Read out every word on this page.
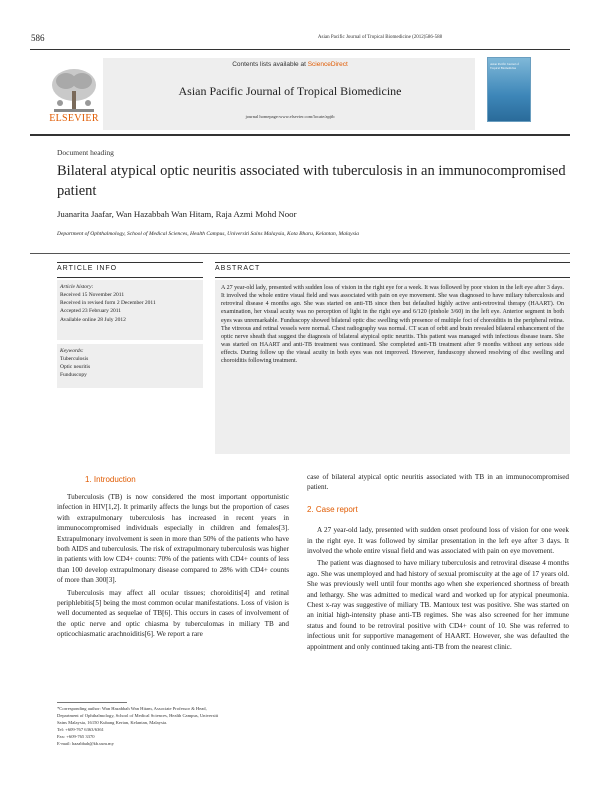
586	Asian Pacific Journal of Tropical Biomedicine (2012)586-588
ELSEVIER
Contents lists available at ScienceDirect
Asian Pacific Journal of Tropical Biomedicine
journal homepage:www.elsevier.com/locate/apjtb
Asian Pacific Journal of Tropical Biomedicine
Document heading
Bilateral atypical optic neuritis associated with tuberculosis in an immunocompromised patient
Juanarita Jaafar, Wan Hazabbah Wan Hitam, Raja Azmi Mohd Noor
Department of Ophthalmology, School of Medical Sciences, Health Campus, Universiti Sains Malaysia, Kota Bharu, Kelantan, Malaysia
ARTICLE INFO	ABSTRACT
Article history:
Received 15 November 2011
Received in revised form 2 December 2011
Accepted 23 February 2011
Available online 28 July 2012
Keywords:
Tuberculosis
Optic neuritis
Funduscopy
A 27 year-old lady, presented with sudden loss of vision in the right eye for a week. It was followed by poor vision in the left eye after 3 days. It involved the whole entire visual field and was associated with pain on eye movement. She was diagnosed to have miliary tuberculosis and retroviral disease 4 months ago. She was started on anti-TB since then but defaulted highly active anti-retroviral therapy (HAART). On examination, her visual acuity was no perception of light in the right eye and 6/120 (pinhole 3/60) in the left eye. Anterior segment in both eyes was unremarkable. Funduscopy showed bilateral optic disc swelling with presence of multiple foci of choroiditis in the peripheral retina. The vitreous and retinal vessels were normal. Chest radiography was normal. CT scan of orbit and brain revealed bilateral enhancement of the optic nerve sheath that suggest the diagnosis of bilateral atypical optic neuritis. This patient was managed with infectious disease team. She was started on HAART and anti-TB treatment was continued. She completed anti-TB treatment after 9 months without any serious side effects. During follow up the visual acuity in both eyes was not improved. However, funduscopy showed resolving of disc swelling and choroiditis following treatment.
1. Introduction

Tuberculosis (TB) is now considered the most important opportunistic infection in HIV[1,2]. It primarily affects the lungs but the proportion of cases with extrapulmonary tuberculosis has increased in recent years in immunocompromised individuals especially in children and females[3]. Extrapulmonary involvement is seen in more than 50% of the patients who have both AIDS and tuberculosis. The risk of extrapulmonary tuberculosis was higher in patients with low CD4+ counts: 70% of the patients with CD4+ counts of less than 100 develop extrapulmonary disease compared to 28% with CD4+ counts of more than 300[3].

Tuberculosis may affect all ocular tissues; choroiditis[4] and retinal periphlebitis[5] being the most common ocular manifestations. Loss of vision is well documented as sequelae of TB[6]. This occurs in cases of involvement of the optic nerve and optic chiasma by tuberculomas in miliary TB and opticochiasmatic arachnoiditis[6]. We report a rare

*Corresponding author: Wan Hazabbah Wan Hitam, Associate Professor & Head,
Department of Ophthalmology, School of Medical Sciences, Health Campus, Universiti
Sains Malaysia, 16150 Kubang Kerian, Kelantan, Malaysia.
Tel: +609-767 6363/6361
Fax: +609-765 3370
E-mail: hazabbah@kb.usm.my

case of bilateral atypical optic neuritis associated with TB in an immunocompromised patient.

2. Case report

A 27 year-old lady, presented with sudden onset profound loss of vision for one week in the right eye. It was followed by similar presentation in the left eye after 3 days. It involved the whole entire visual field and was associated with pain on eye movement.

The patient was diagnosed to have miliary tuberculosis and retroviral disease 4 months ago. She was unemployed and had history of sexual promiscuity at the age of 17 years old. She was previously well until four months ago when she experienced shortness of breath and lethargy. She was admitted to medical ward and worked up for atypical pneumonia. Chest x-ray was suggestive of miliary TB. Mantoux test was positive. She was started on an initial high-intensity phase anti-TB regimes. She was also screened for her immune status and found to be retroviral positive with CD4+ count of 10. She was referred to infectious unit for supportive management of HAART. However, she was defaulted the appointment and only continued taking anti-TB from the nearest clinic.
